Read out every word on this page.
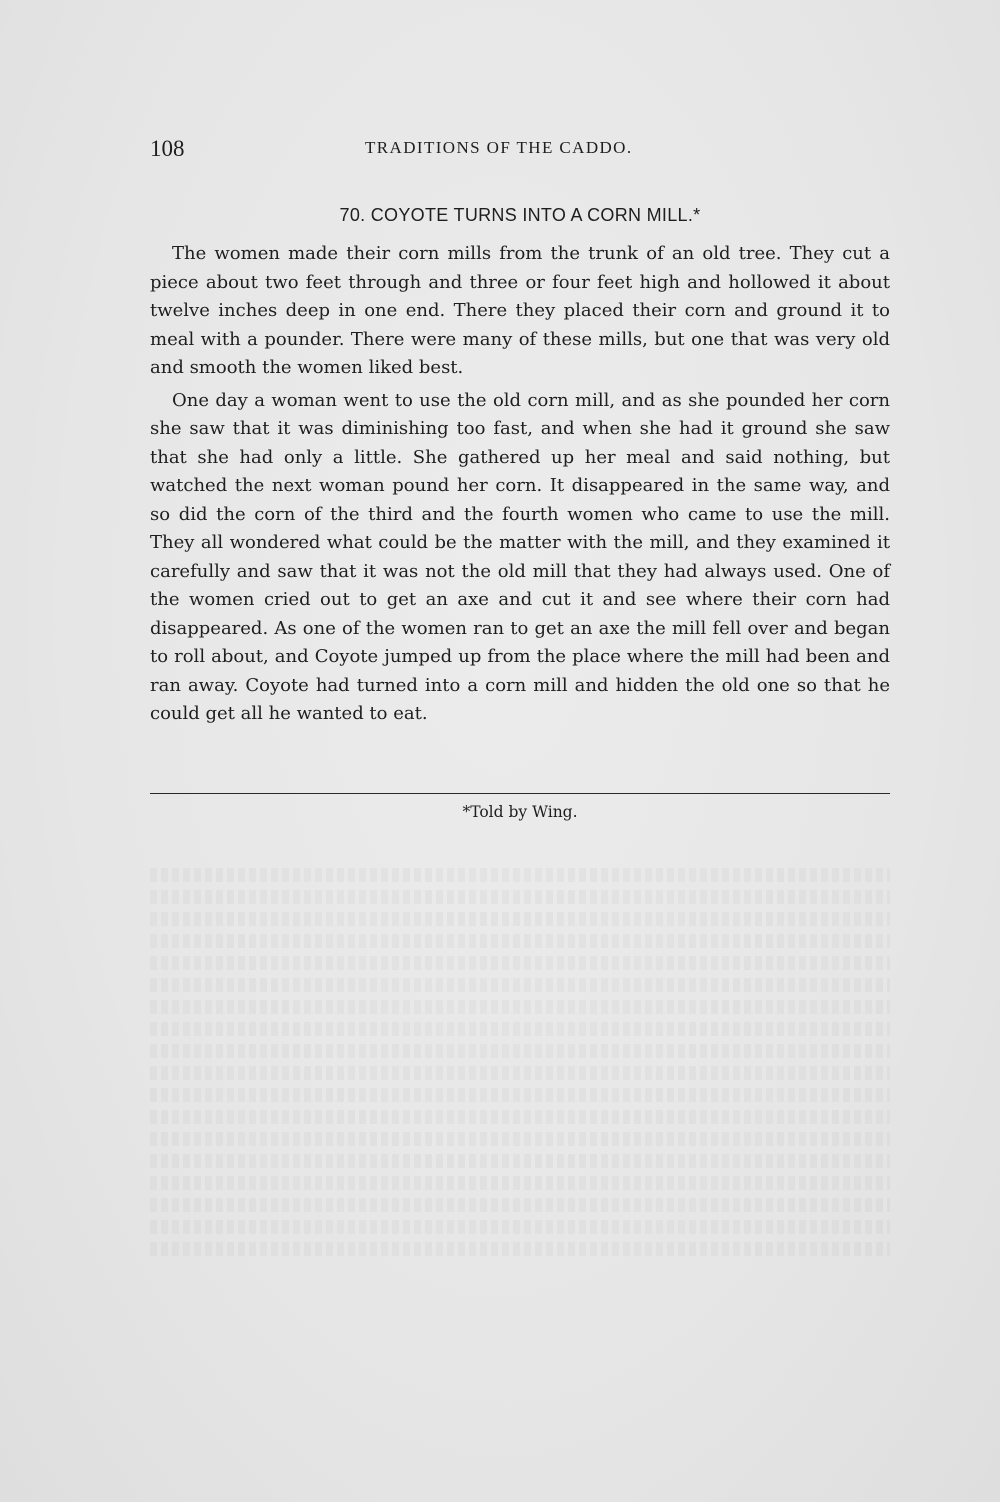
108	TRADITIONS OF THE CADDO.
70. COYOTE TURNS INTO A CORN MILL.*

The women made their corn mills from the trunk of an old tree. They cut a piece about two feet through and three or four feet high and hollowed it about twelve inches deep in one end. There they placed their corn and ground it to meal with a pounder. There were many of these mills, but one that was very old and smooth the women liked best.

One day a woman went to use the old corn mill, and as she pounded her corn she saw that it was diminishing too fast, and when she had it ground she saw that she had only a little. She gathered up her meal and said nothing, but watched the next woman pound her corn. It disappeared in the same way, and so did the corn of the third and the fourth women who came to use the mill. They all wondered what could be the matter with the mill, and they examined it carefully and saw that it was not the old mill that they had always used. One of the women cried out to get an axe and cut it and see where their corn had disappeared. As one of the women ran to get an axe the mill fell over and began to roll about, and Coyote jumped up from the place where the mill had been and ran away. Coyote had turned into a corn mill and hidden the old one so that he could get all he wanted to eat.

*Told by Wing.
